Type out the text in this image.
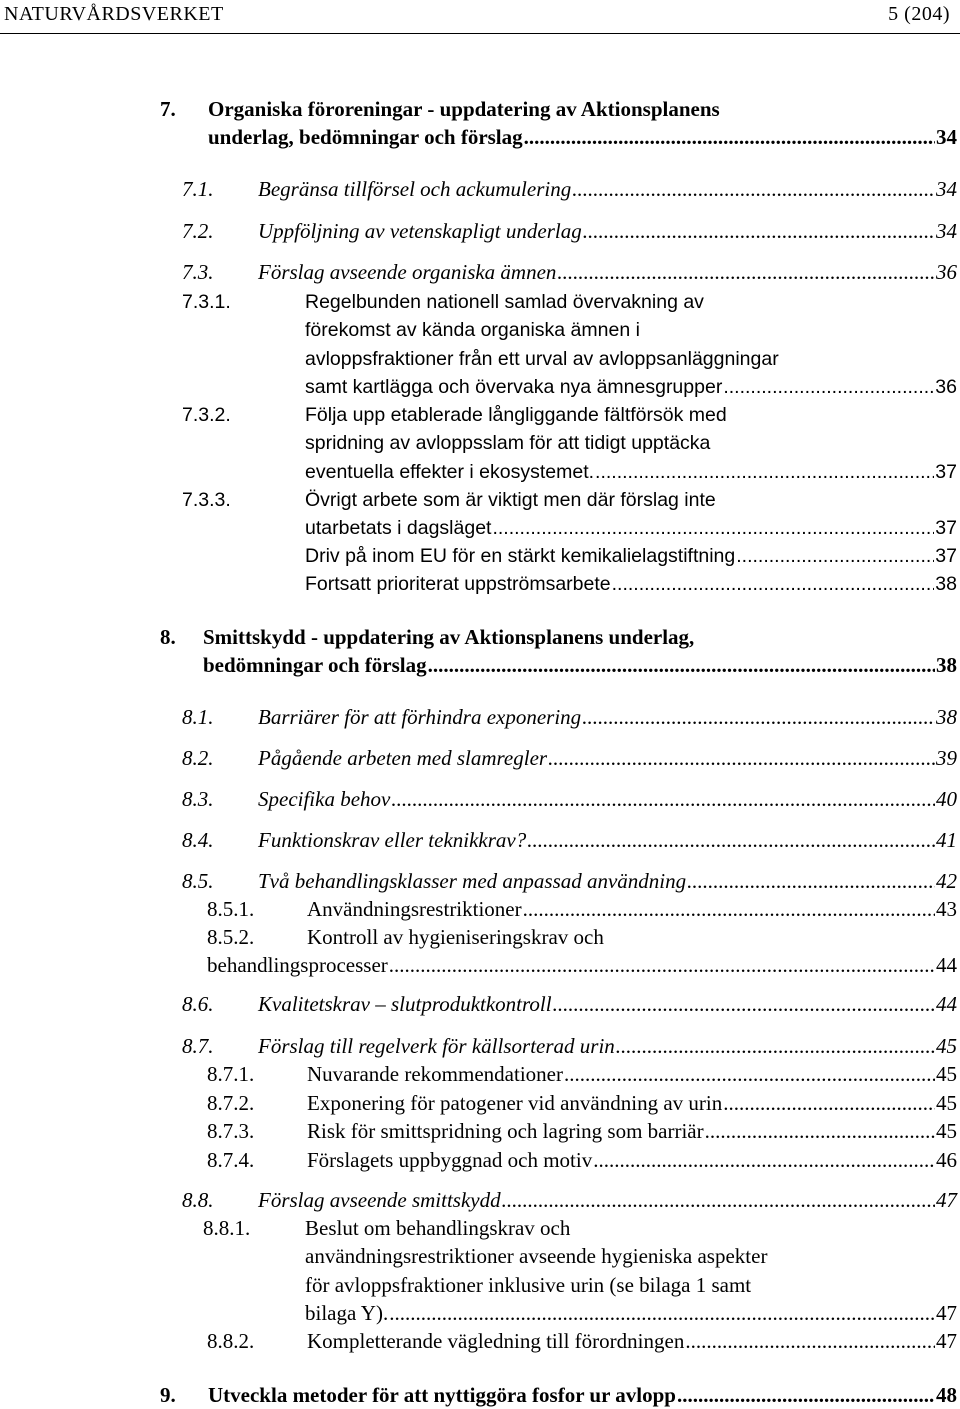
NATURVÅRDSVERKET	5 (204)
7. Organiska föroreningar - uppdatering av Aktionsplanens
underlag, bedömningar och förslag .....	34
7.1. Begränsa tillförsel och ackumulering .....	34
7.2. Uppföljning av vetenskapligt underlag .....	34
7.3. Förslag avseende organiska ämnen .....	36
7.3.1.	Regelbunden nationell samlad övervakning av
förekomst av kända organiska ämnen i
avloppsfraktioner från ett urval av avloppsanläggningar
samt kartlägga och övervaka nya ämnesgrupper .....	36
7.3.2.	Följa upp etablerade långliggande fältförsök med
spridning av avloppsslam för att tidigt upptäcka
eventuella effekter i ekosystemet. .....	37
7.3.3.	Övrigt arbete som är viktigt men där förslag inte
utarbetats i dagsläget .....	37
Driv på inom EU för en stärkt kemikalielagstiftning .....	37
Fortsatt prioriterat uppströmsarbete .....	38
8. Smittskydd - uppdatering av Aktionsplanens underlag,
bedömningar och förslag .....	38
8.1. Barriärer för att förhindra exponering .....	38
8.2. Pågående arbeten med slamregler .....	39
8.3. Specifika behov .....	40
8.4. Funktionskrav eller teknikkrav? .....	41
8.5. Två behandlingsklasser med anpassad användning .....	42
8.5.1.	Användningsrestriktioner .....	43
8.5.2.	Kontroll av hygieniseringskrav och
behandlingsprocesser .....	44
8.6. Kvalitetskrav – slutproduktkontroll .....	44
8.7. Förslag till regelverk för källsorterad urin .....	45
8.7.1.	Nuvarande rekommendationer .....	45
8.7.2.	Exponering för patogener vid användning av urin .....	45
8.7.3.	Risk för smittspridning och lagring som barriär .....	45
8.7.4.	Förslagets uppbyggnad och motiv .....	46
8.8. Förslag avseende smittskydd .....	47
8.8.1.	Beslut om behandlingskrav och
användningsrestriktioner avseende hygieniska aspekter
för avloppsfraktioner inklusive urin (se bilaga 1 samt
bilaga Y). .....	47
8.8.2.	Kompletterande vägledning till förordningen .....	47
9. Utveckla metoder för att nyttiggöra fosfor ur avlopp .....	48
